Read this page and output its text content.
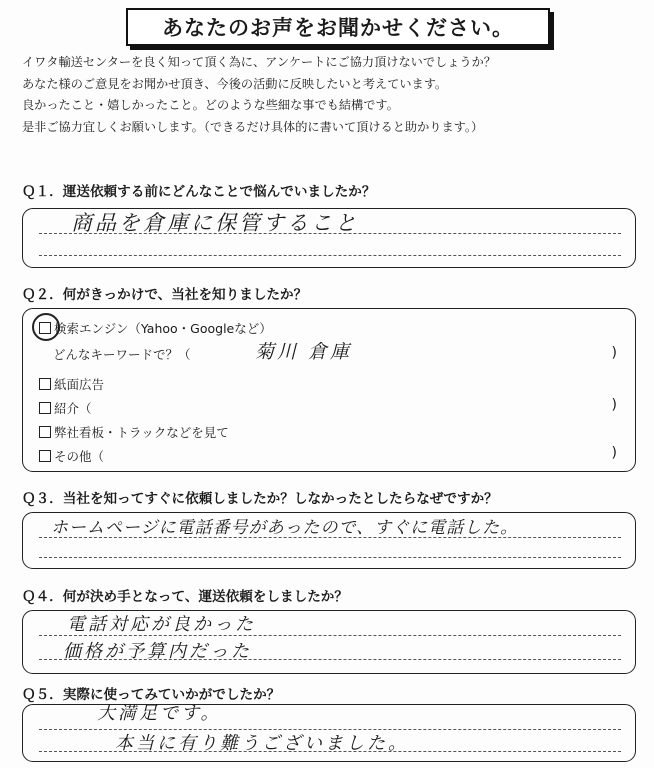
あなたのお声をお聞かせください。
イワタ輸送センターを良く知って頂く為に、アンケートにご協力頂けないでしょうか？
あなた様のご意見をお聞かせ頂き、今後の活動に反映したいと考えています。
良かったこと・嬉しかったこと。どのような些細な事でも結構です。
是非ご協力宜しくお願いします。（できるだけ具体的に書いて頂けると助かります。）
Ｑ１．運送依頼する前にどんなことで悩んでいましたか？
商品を倉庫に保管すること
Ｑ２．何がきっかけで、当社を知りましたか？
検索エンジン（Yahoo・Googleなど）
どんなキーワードで？（	菊川 倉庫	)
紙面広告
紹介（	)
弊社看板・トラックなどを見て
その他（	)
Ｑ３．当社を知ってすぐに依頼しましたか？しなかったとしたらなぜですか？
ホームページに電話番号があったので、すぐに電話した。
Ｑ４．何が決め手となって、運送依頼をしましたか？
電話対応が良かった
価格が予算内だった
Ｑ５．実際に使ってみていかがでしたか？
大満足です。
本当に有り難うございました。
